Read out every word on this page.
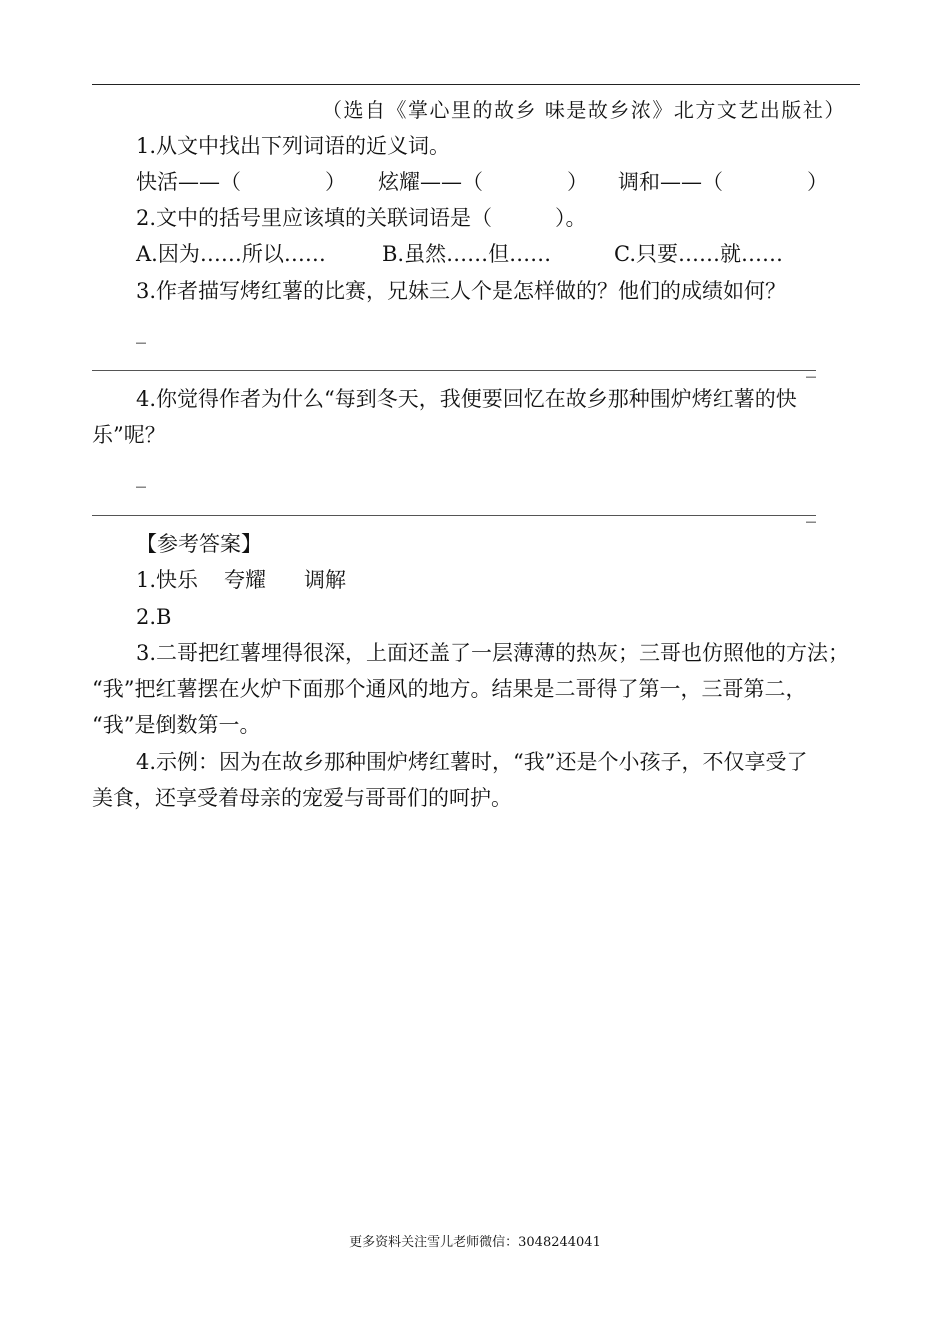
（选自《掌心里的故乡 味是故乡浓》北方文艺出版社）
1.从文中找出下列词语的近义词。
快活——（　　　　） 炫耀——（　　　　） 调和——（　　　　）
2.文中的括号里应该填的关联词语是（　　　）。
A.因为……所以……	B.虽然……但……	C.只要……就……
3.作者描写烤红薯的比赛，兄妹三人个是怎样做的？他们的成绩如何？
_
_
4.你觉得作者为什么“每到冬天，我便要回忆在故乡那种围炉烤红薯的快
乐”呢？
_
_
【参考答案】
1.快乐 夸耀 调解
2.B
3.二哥把红薯埋得很深，上面还盖了一层薄薄的热灰；三哥也仿照他的方法；
“我”把红薯摆在火炉下面那个通风的地方。结果是二哥得了第一，三哥第二，
“我”是倒数第一。
4.示例：因为在故乡那种围炉烤红薯时，“我”还是个小孩子，不仅享受了
美食，还享受着母亲的宠爱与哥哥们的呵护。
更多资料关注雪儿老师微信：3048244041
